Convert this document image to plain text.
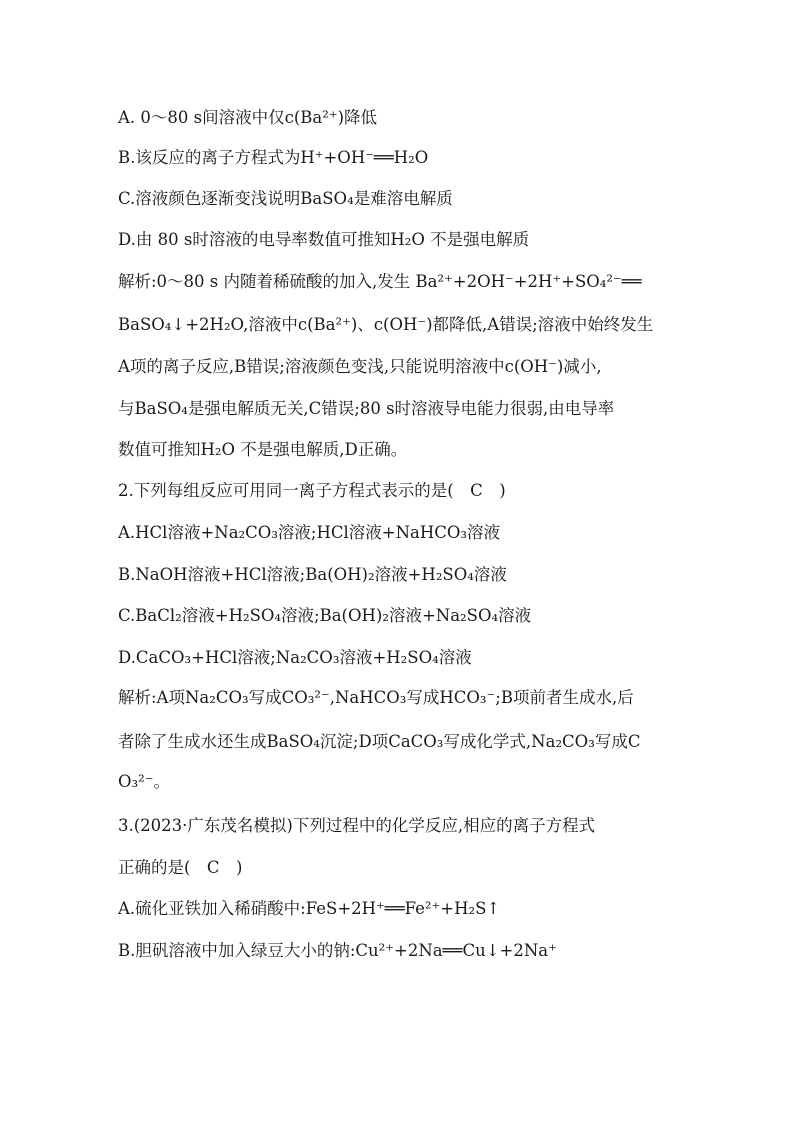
A. 0～80 s间溶液中仅c(Ba²⁺)降低
B.该反应的离子方程式为H⁺+OH⁻══H₂O
C.溶液颜色逐渐变浅说明BaSO₄是难溶电解质
D.由 80 s时溶液的电导率数值可推知H₂O 不是强电解质
解析:0～80 s 内随着稀硫酸的加入,发生 Ba²⁺+2OH⁻+2H⁺+SO₄²⁻══
BaSO₄↓+2H₂O,溶液中c(Ba²⁺)、c(OH⁻)都降低,A错误;溶液中始终发生
A项的离子反应,B错误;溶液颜色变浅,只能说明溶液中c(OH⁻)减小,
与BaSO₄是强电解质无关,C错误;80 s时溶液导电能力很弱,由电导率
数值可推知H₂O 不是强电解质,D正确。
2.下列每组反应可用同一离子方程式表示的是(　C　)
A.HCl溶液+Na₂CO₃溶液;HCl溶液+NaHCO₃溶液
B.NaOH溶液+HCl溶液;Ba(OH)₂溶液+H₂SO₄溶液
C.BaCl₂溶液+H₂SO₄溶液;Ba(OH)₂溶液+Na₂SO₄溶液
D.CaCO₃+HCl溶液;Na₂CO₃溶液+H₂SO₄溶液
解析:A项Na₂CO₃写成CO₃²⁻,NaHCO₃写成HCO₃⁻;B项前者生成水,后
者除了生成水还生成BaSO₄沉淀;D项CaCO₃写成化学式,Na₂CO₃写成C
O₃²⁻。
3.(2023·广东茂名模拟)下列过程中的化学反应,相应的离子方程式
正确的是(　C　)
A.硫化亚铁加入稀硝酸中:FeS+2H⁺══Fe²⁺+H₂S↑
B.胆矾溶液中加入绿豆大小的钠:Cu²⁺+2Na══Cu↓+2Na⁺
